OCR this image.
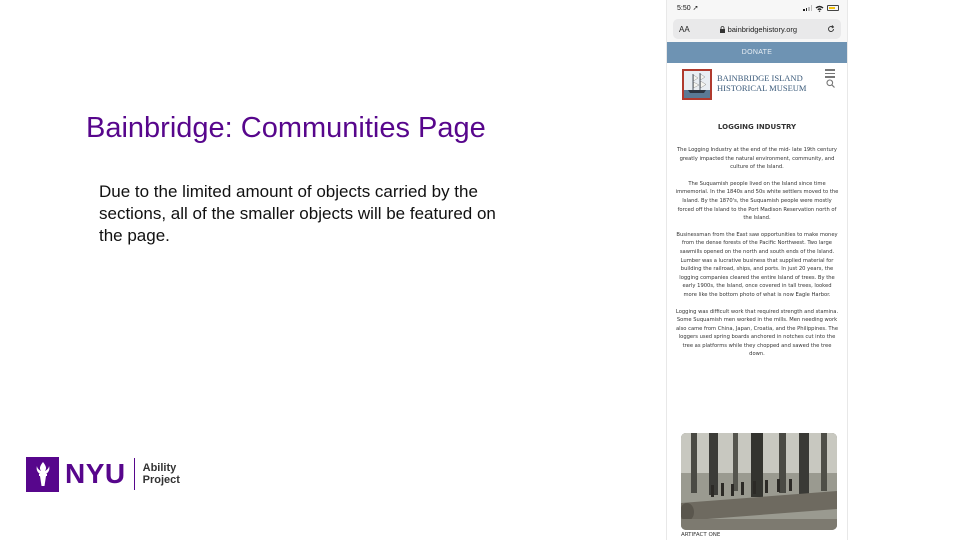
Bainbridge: Communities Page
Due to the limited amount of objects carried by the sections, all of the smaller objects will be featured on the page.
NYU Ability
Project
5:50 ➚
AA	bainbridgehistory.org
DONATE
BAINBRIDGE ISLAND
HISTORICAL MUSEUM
LOGGING INDUSTRY

The Logging Industry at the end of the mid- late 19th century greatly impacted the natural environment, community, and culture of the Island.

The Suquamish people lived on the Island since time immemorial. In the 1840s and 50s white settlers moved to the Island. By the 1870's, the Suquamish people were mostly forced off the Island to the Port Madison Reservation north of the Island.

Businessman from the East saw opportunities to make money from the dense forests of the Pacific Northwest. Two large sawmills opened on the north and south ends of the Island. Lumber was a lucrative business that supplied material for building the railroad, ships, and ports. In just 20 years, the logging companies cleared the entire Island of trees. By the early 1900s, the Island, once covered in tall trees, looked more like the bottom photo of what is now Eagle Harbor.

Logging was difficult work that required strength and stamina. Some Suquamish men worked in the mills. Men needing work also came from China, Japan, Croatia, and the Philippines. The loggers used spring boards anchored in notches cut into the tree as platforms while they chopped and sawed the tree down.

ARTIFACT ONE
